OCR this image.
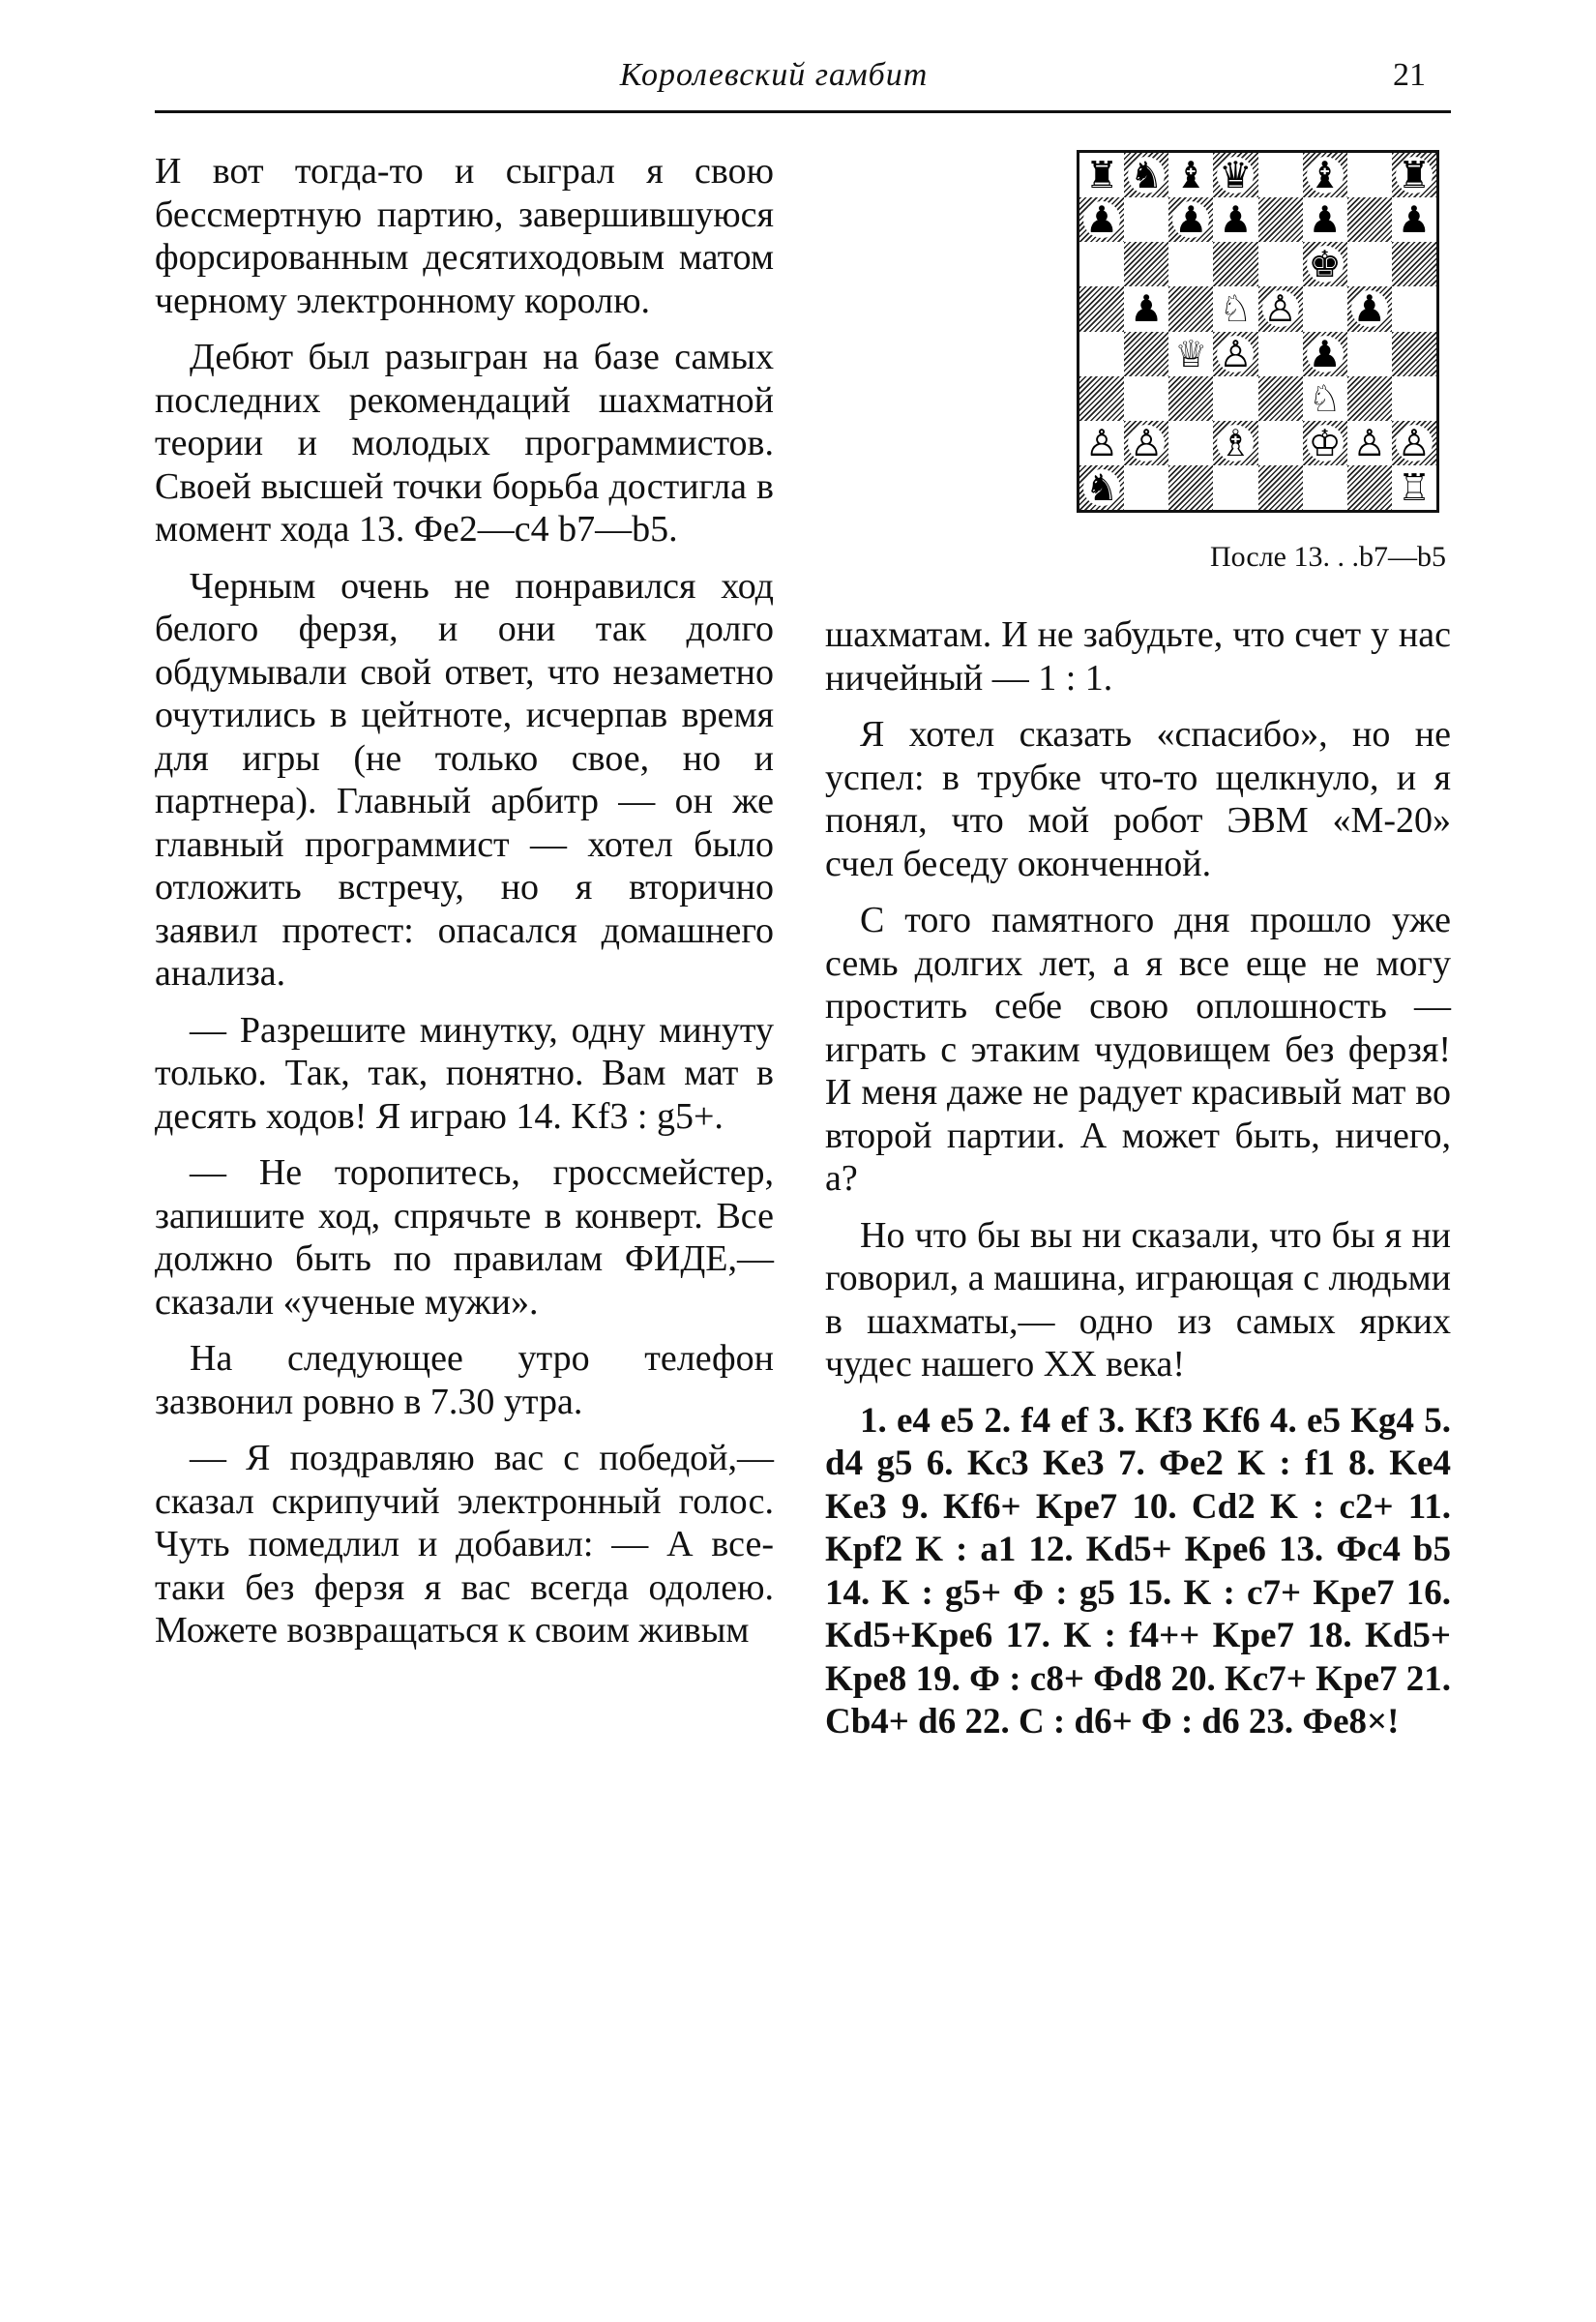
Королевский гамбит	21

И вот тогда-то и сыграл я свою бессмертную партию, завершившуюся форсированным десятиходовым матом черному электронному королю.

Дебют был разыгран на базе самых последних рекомендаций шахматной теории и молодых программистов. Своей высшей точки борьба достигла в момент хода 13. Фе2—с4 b7—b5.

Черным очень не понравился ход белого ферзя, и они так долго обдумывали свой ответ, что незаметно очутились в цейтноте, исчерпав время для игры (не только свое, но и партнера). Главный арбитр — он же главный программист — хотел было отложить встречу, но я вторично заявил протест: опасался домашнего анализа.

— Разрешите минутку, одну минуту только. Так, так, понятно. Вам мат в десять ходов! Я играю 14. Kf3 : g5+.

— Не торопитесь, гроссмейстер, запишите ход, спрячьте в конверт. Все должно быть по правилам ФИДЕ,— сказали «ученые мужи».

На следующее утро телефон зазвонил ровно в 7.30 утра.

— Я поздравляю вас с победой,— сказал скрипучий электронный голос. Чуть помедлил и добавил: — А все-таки без ферзя я вас всегда одолею. Можете возвращаться к своим живым

♜ ♞ ♝ ♛ ♝ ♜
♟ ♟ ♟ ♟ ♟
♚
♟ ♘ ♙ ♟
♕ ♙ ♟
♘
♙ ♙ ♗ ♔ ♙ ♙
♞	♖
После 13. . .b7—b5

шахматам. И не забудьте, что счет у нас ничейный — 1 : 1.

Я хотел сказать «спасибо», но не успел: в трубке что-то щелкнуло, и я понял, что мой робот ЭВМ «М-20» счел беседу оконченной.

С того памятного дня прошло уже семь долгих лет, а я все еще не могу простить себе свою оплошность — играть с этаким чудовищем без ферзя! И меня даже не радует красивый мат во второй партии. А может быть, ничего, а?

Но что бы вы ни сказали, что бы я ни говорил, а машина, играющая с людьми в шахматы,— одно из самых ярких чудес нашего XX века!

1. e4 e5 2. f4 ef 3. Kf3 Kf6 4. e5 Kg4 5. d4 g5 6. Kc3 Ke3 7. Фe2 K : f1 8. Ke4 Ke3 9. Kf6+ Kpe7 10. Cd2 K : c2+ 11. Kpf2 K : a1 12. Kd5+ Kpe6 13. Фc4 b5 14. K : g5+ Ф : g5 15. K : c7+ Kpe7 16. Kd5+Kpe6 17. K : f4++ Kpe7 18. Kd5+ Kpe8 19. Ф : c8+ Фd8 20. Kc7+ Kpe7 21. Cb4+ d6 22. C : d6+ Ф : d6 23. Фe8×!
